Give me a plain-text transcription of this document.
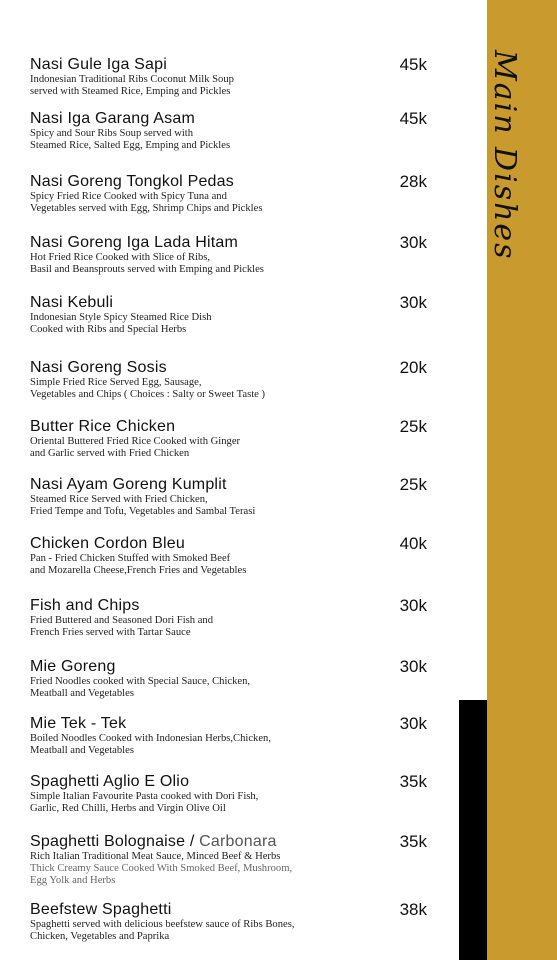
Nasi Gule Iga Sapi
Indonesian Traditional Ribs Coconut Milk Soup
served with Steamed Rice, Emping and Pickles
45k
Nasi Iga Garang Asam
Spicy and Sour Ribs Soup served with
Steamed Rice, Salted Egg, Emping and Pickles
45k
Nasi Goreng Tongkol Pedas
Spicy Fried Rice Cooked with Spicy Tuna and
Vegetables served with Egg, Shrimp Chips and Pickles
28k
Nasi Goreng Iga Lada Hitam
Hot Fried Rice Cooked with Slice of Ribs,
Basil and Beansprouts served with Emping and Pickles
30k
Nasi Kebuli
Indonesian Style Spicy Steamed Rice Dish
Cooked with Ribs and Special Herbs
30k
Nasi Goreng Sosis
Simple Fried Rice Served Egg, Sausage,
Vegetables and Chips ( Choices : Salty or Sweet Taste )
20k
Butter Rice Chicken
Oriental Buttered Fried Rice Cooked with Ginger
and Garlic served with Fried Chicken
25k
Nasi Ayam Goreng Kumplit
Steamed Rice Served with Fried Chicken,
Fried Tempe and Tofu, Vegetables and Sambal Terasi
25k
Chicken Cordon Bleu
Pan - Fried Chicken Stuffed with Smoked Beef
and Mozarella Cheese,French Fries and Vegetables
40k
Fish and Chips
Fried Buttered and Seasoned Dori Fish and
French Fries served with Tartar Sauce
30k
Mie Goreng
Fried Noodles cooked with Special Sauce, Chicken,
Meatball and Vegetables
30k
Mie Tek - Tek
Boiled Noodles Cooked with Indonesian Herbs,Chicken,
Meatball and Vegetables
30k
Spaghetti Aglio E Olio
Simple Italian Favourite Pasta cooked with Dori Fish,
Garlic, Red Chilli, Herbs and Virgin Olive Oil
35k
Spaghetti Bolognaise / Carbonara
Rich Italian Traditional Meat Sauce, Minced Beef & Herbs
Thick Creamy Sauce Cooked With Smoked Beef, Mushroom,
Egg Yolk and Herbs
35k
Beefstew Spaghetti
Spaghetti served with delicious beefstew sauce of Ribs Bones,
Chicken, Vegetables and Paprika
38k
Main Dishes
